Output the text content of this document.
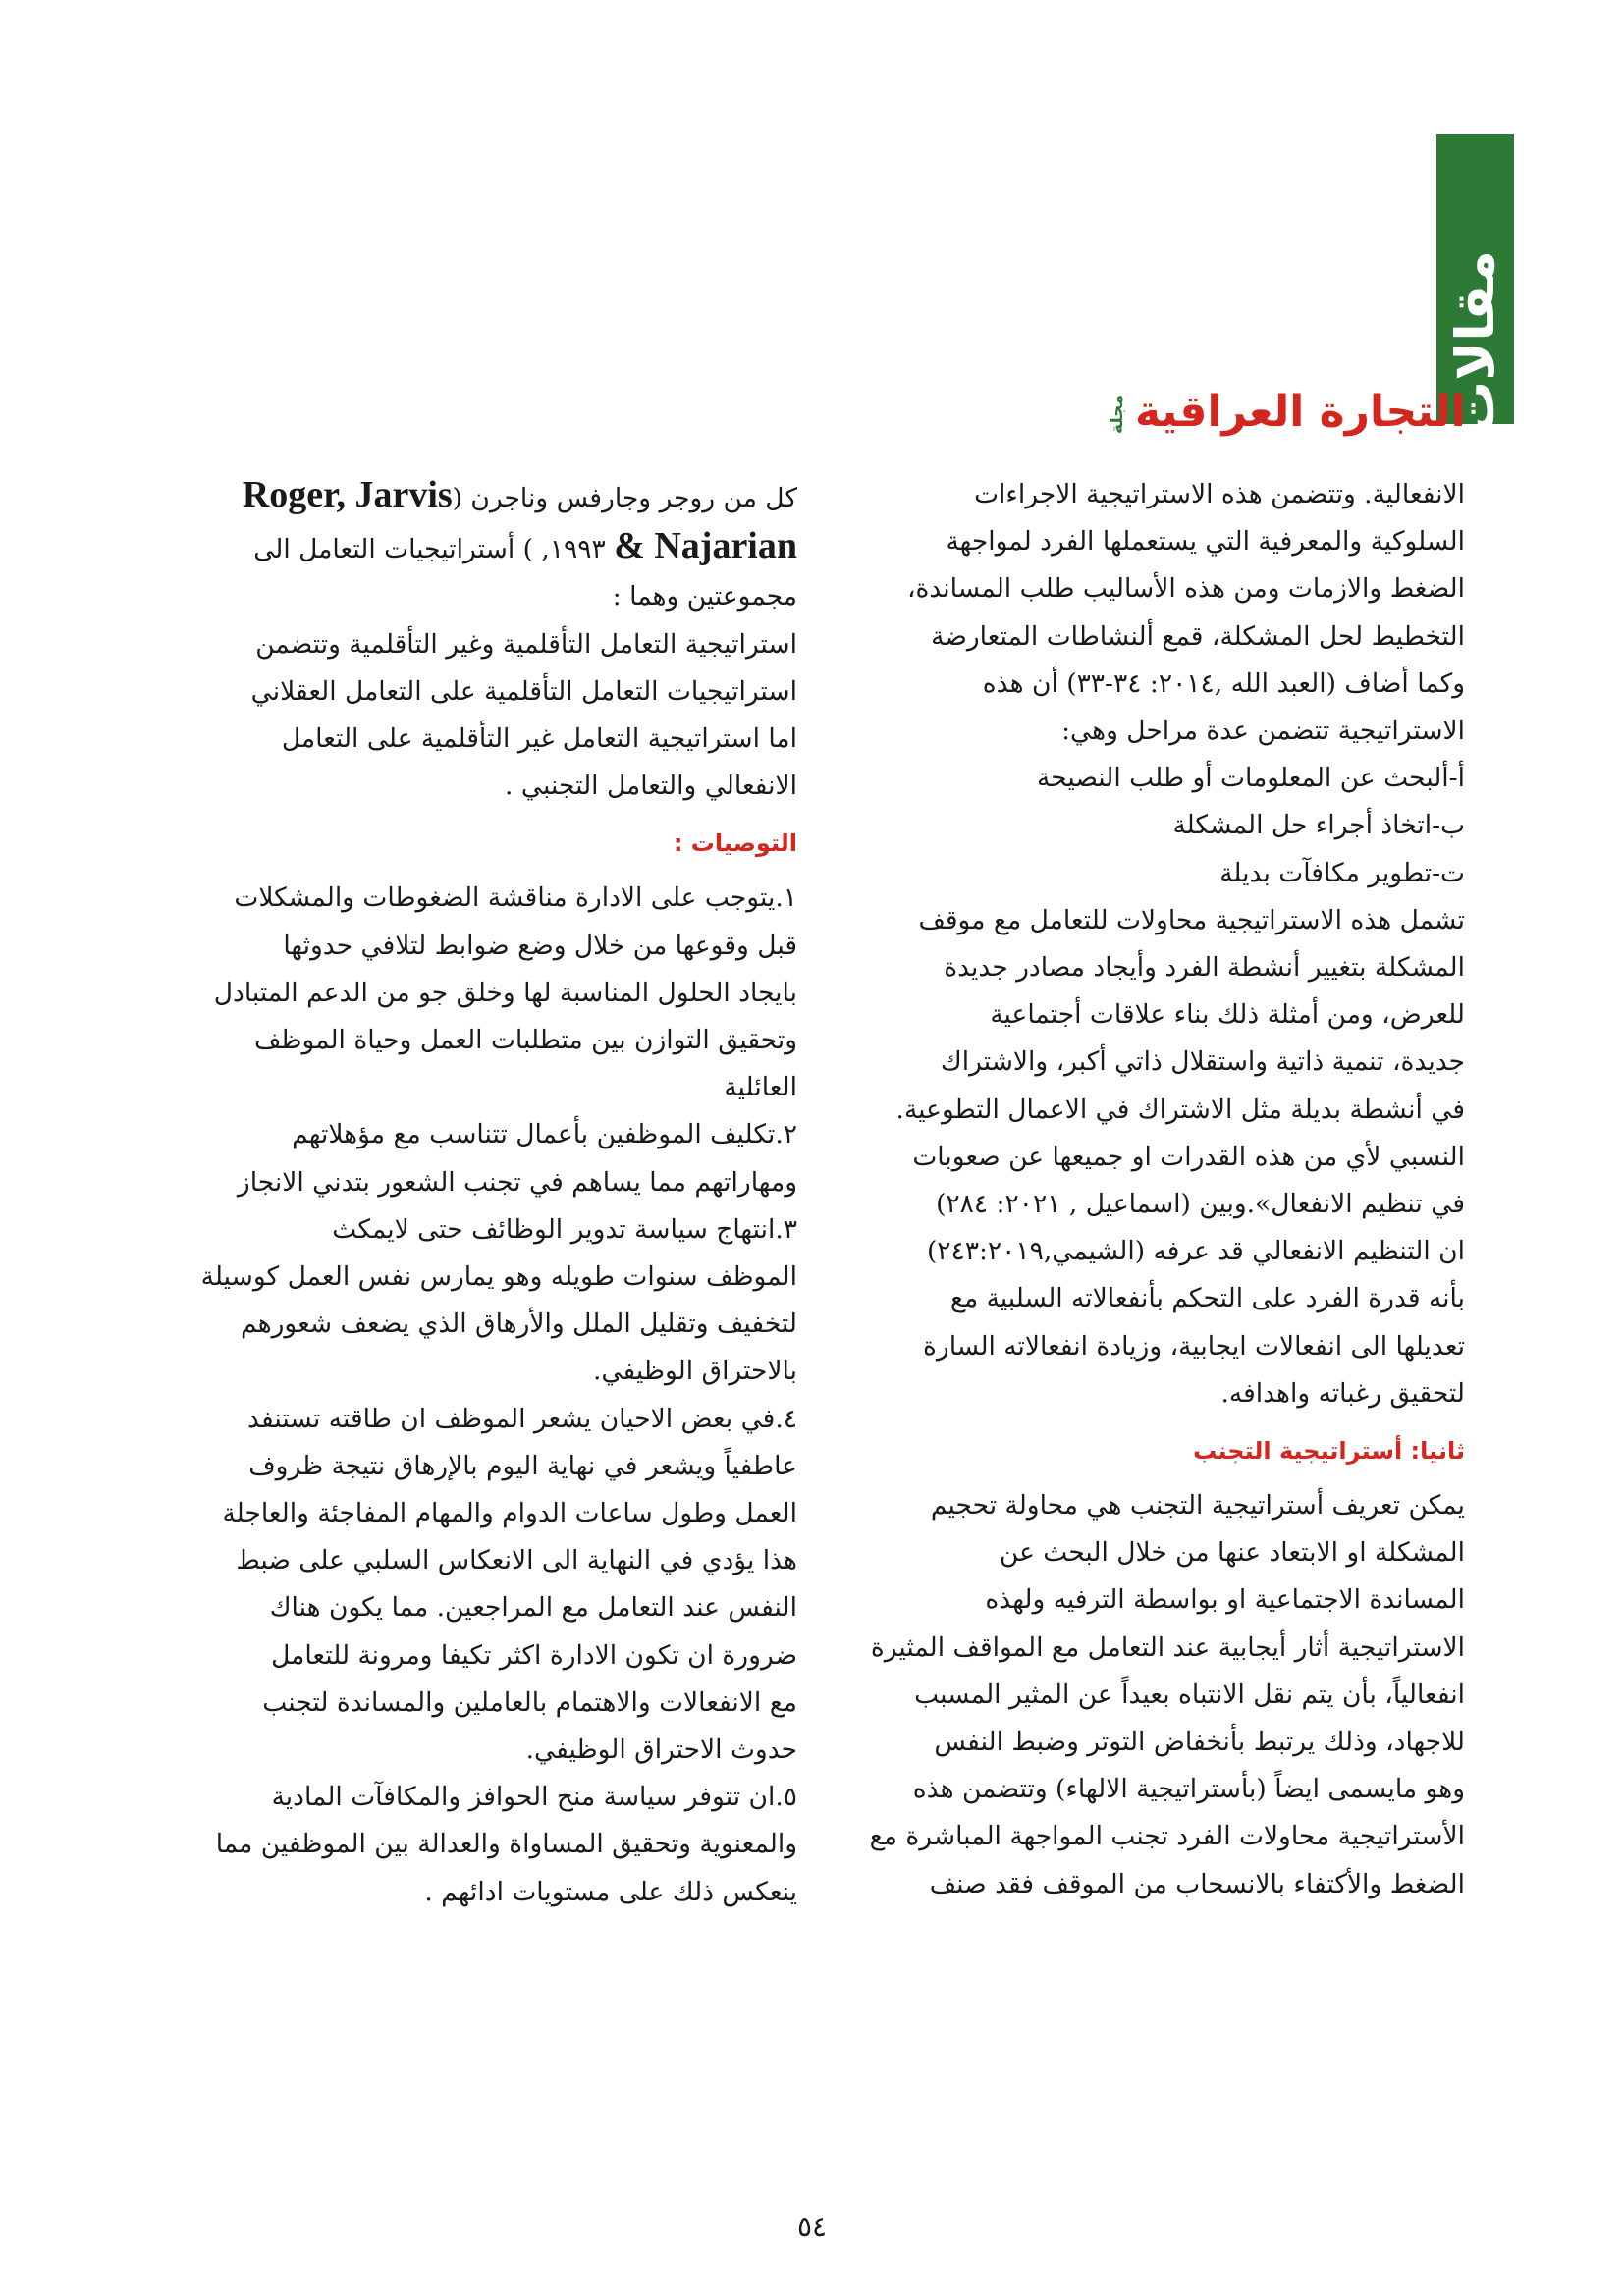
مقالات
التجارة العراقية
مجلة

الانفعالية. وتتضمن هذه الاستراتيجية الاجراءات
السلوكية والمعرفية التي يستعملها الفرد لمواجهة
الضغط والازمات ومن هذه الأساليب طلب المساندة،
التخطيط لحل المشكلة، قمع ألنشاطات المتعارضة
وكما أضاف (العبد الله ,٢٠١٤: ٣٤-٣٣) أن هذه
الاستراتيجية تتضمن عدة مراحل وهي:

أ-ألبحث عن المعلومات أو طلب النصيحة
ب-اتخاذ أجراء حل المشكلة
ت-تطوير مكافآت بديلة

تشمل هذه الاستراتيجية محاولات للتعامل مع موقف
المشكلة بتغيير أنشطة الفرد وأيجاد مصادر جديدة
للعرض، ومن أمثلة ذلك بناء علاقات أجتماعية
جديدة، تنمية ذاتية واستقلال ذاتي أكبر، والاشتراك
في أنشطة بديلة مثل الاشتراك في الاعمال التطوعية.
النسبي لأي من هذه القدرات او جميعها عن صعوبات
في تنظيم الانفعال».وبين (اسماعيل , ٢٠٢١: ٢٨٤)
ان التنظيم الانفعالي قد عرفه (الشيمي,٢٤٣:٢٠١٩)
بأنه قدرة الفرد على التحكم بأنفعالاته السلبية مع
تعديلها الى انفعالات ايجابية، وزيادة انفعالاته السارة
لتحقيق رغباته واهدافه.

ثانيا: أستراتيجية التجنب

يمكن تعريف أستراتيجية التجنب هي محاولة تحجيم
المشكلة او الابتعاد عنها من خلال البحث عن
المساندة الاجتماعية او بواسطة الترفيه ولهذه
الاستراتيجية أثار أيجابية عند التعامل مع المواقف المثيرة
انفعالياً، بأن يتم نقل الانتباه بعيداً عن المثير المسبب
للاجهاد، وذلك يرتبط بأنخفاض التوتر وضبط النفس
وهو مايسمى ايضاً (بأستراتيجية الالهاء) وتتضمن هذه
الأستراتيجية محاولات الفرد تجنب المواجهة المباشرة مع
الضغط والأكتفاء بالانسحاب من الموقف فقد صنف

كل من روجر وجارفس وناجرن (Roger, Jarvis
& Najarian ١٩٩٣, ) أستراتيجيات التعامل الى
مجموعتين وهما :
استراتيجية التعامل التأقلمية وغير التأقلمية وتتضمن
استراتيجيات التعامل التأقلمية على التعامل العقلاني
اما استراتيجية التعامل غير التأقلمية على التعامل
الانفعالي والتعامل التجنبي .

التوصيات :

١.يتوجب على الادارة مناقشة الضغوطات والمشكلات
قبل وقوعها من خلال وضع ضوابط لتلافي حدوثها
بايجاد الحلول المناسبة لها وخلق جو من الدعم المتبادل
وتحقيق التوازن بين متطلبات العمل وحياة الموظف
العائلية

٢.تكليف الموظفين بأعمال تتناسب مع مؤهلاتهم
ومهاراتهم مما يساهم في تجنب الشعور بتدني الانجاز

٣.انتهاج سياسة تدوير الوظائف حتى لايمكث
الموظف سنوات طويله وهو يمارس نفس العمل كوسيلة
لتخفيف وتقليل الملل والأرهاق الذي يضعف شعورهم
بالاحتراق الوظيفي.

٤.في بعض الاحيان يشعر الموظف ان طاقته تستنفد
عاطفياً ويشعر في نهاية اليوم بالإرهاق نتيجة ظروف
العمل وطول ساعات الدوام والمهام المفاجئة والعاجلة
هذا يؤدي في النهاية الى الانعكاس السلبي على ضبط
النفس عند التعامل مع المراجعين. مما يكون هناك
ضرورة ان تكون الادارة اكثر تكيفا ومرونة للتعامل
مع الانفعالات والاهتمام بالعاملين والمساندة لتجنب
حدوث الاحتراق الوظيفي.

٥.ان تتوفر سياسة منح الحوافز والمكافآت المادية
والمعنوية وتحقيق المساواة والعدالة بين الموظفين مما
ينعكس ذلك على مستويات ادائهم .

٥٤
